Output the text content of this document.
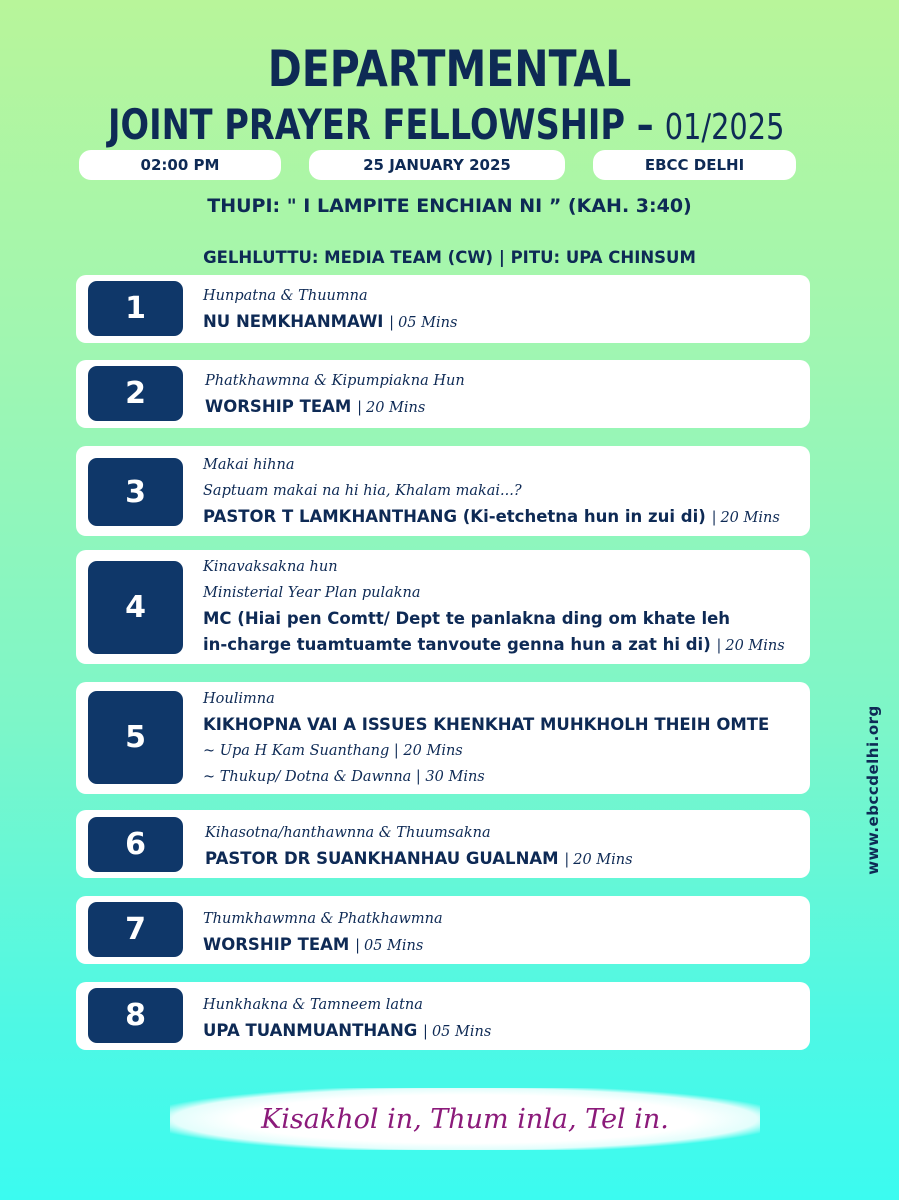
DEPARTMENTAL
JOINT PRAYER FELLOWSHIP – 01/2025
02:00 PM	25 JANUARY 2025	EBCC DELHI
THUPI: " I LAMPITE ENCHIAN NI ” (KAH. 3:40)
GELHLUTTU: MEDIA TEAM (CW) | PITU: UPA CHINSUM
1	Hunpatna & Thuumna
NU NEMKHANMAWI | 05 Mins
2	Phatkhawmna & Kipumpiakna Hun
WORSHIP TEAM | 20 Mins
3
Makai hihna
Saptuam makai na hi hia, Khalam makai...?
PASTOR T LAMKHANTHANG (Ki-etchetna hun in zui di) | 20 Mins
4
Kinavaksakna hun
Ministerial Year Plan pulakna
MC (Hiai pen Comtt/ Dept te panlakna ding om khate leh
in-charge tuamtuamte tanvoute genna hun a zat hi di) | 20 Mins
5
Houlimna
KIKHOPNA VAI A ISSUES KHENKHAT MUHKHOLH THEIH OMTE
~ Upa H Kam Suanthang | 20 Mins
~ Thukup/ Dotna & Dawnna | 30 Mins
6	Kihasotna/hanthawnna & Thuumsakna
PASTOR DR SUANKHANHAU GUALNAM | 20 Mins
7	Thumkhawmna & Phatkhawmna
WORSHIP TEAM | 05 Mins
8	Hunkhakna & Tamneem latna
UPA TUANMUANTHANG | 05 Mins
www.ebccdelhi.org
Kisakhol in, Thum inla, Tel in.
